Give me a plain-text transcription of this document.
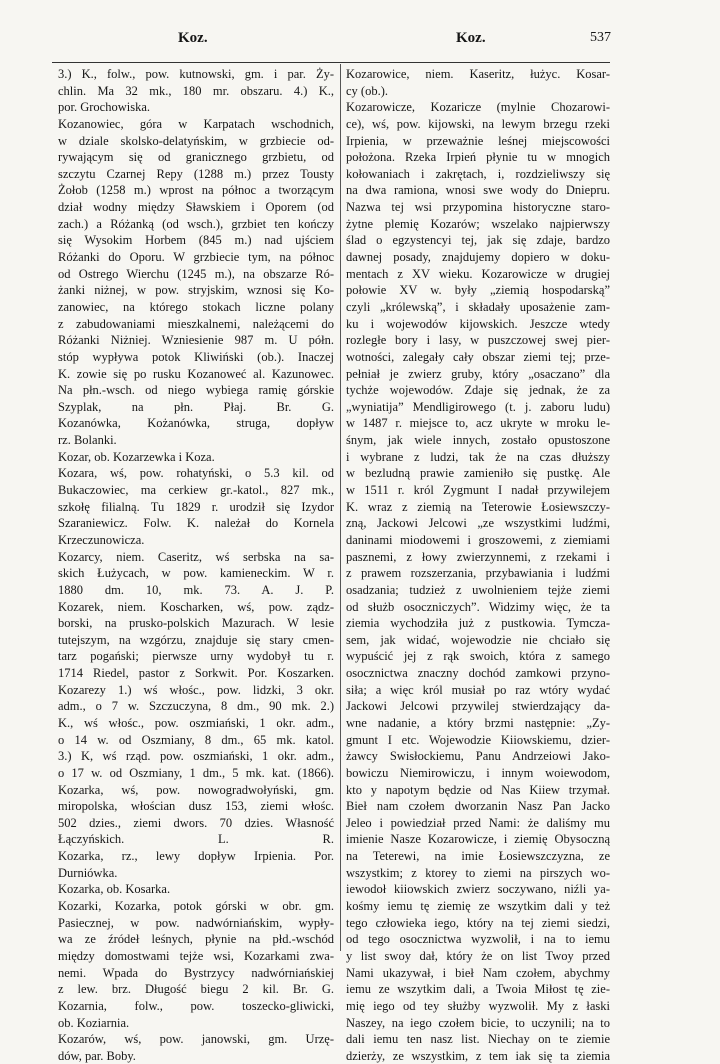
Koz.	Koz.	537
3.) K., folw., pow. kutnowski, gm. i par. Ży-
chlin. Ma 32 mk., 180 mr. obszaru. 4.) K.,
por. Grochowiska.
Kozanowiec, góra w Karpatach wschodnich,
w dziale skolsko-delatyńskim, w grzbiecie od-
rywającym się od granicznego grzbietu, od
szczytu Czarnej Repy (1288 m.) przez Tousty
Żołob (1258 m.) wprost na północ a tworzącym
dział wodny między Sławskiem i Oporem (od
zach.) a Różanką (od wsch.), grzbiet ten kończy
się Wysokim Horbem (845 m.) nad ujściem
Różanki do Oporu. W grzbiecie tym, na północ
od Ostrego Wierchu (1245 m.), na obszarze Ró-
żanki niżnej, w pow. stryjskim, wznosi się Ko-
zanowiec, na którego stokach liczne polany
z zabudowaniami mieszkalnemi, należącemi do
Różanki Niżniej. Wzniesienie 987 m. U półn.
stóp wypływa potok Kliwiński (ob.). Inaczej
K. zowie się po rusku Kozanoweć al. Kazunowec.
Na płn.-wsch. od niego wybiega ramię górskie
Szyplak, na płn. Płaj. Br. G.
Kozanówka, Kożanówka, struga, dopływ
rz. Bolanki.
Kozar, ob. Kozarzewka i Koza.
Kozara, wś, pow. rohatyński, o 5.3 kil. od
Bukaczowiec, ma cerkiew gr.-katol., 827 mk.,
szkołę filialną. Tu 1829 r. urodził się Izydor
Szaraniewicz. Folw. K. należał do Kornela
Krzeczunowicza.
Kozarcy, niem. Caseritz, wś serbska na sa-
skich Łużycach, w pow. kamieneckim. W r.
1880 dm. 10, mk. 73. A. J. P.
Kozarek, niem. Koscharken, wś, pow. ządz-
borski, na prusko-polskich Mazurach. W lesie
tutejszym, na wzgórzu, znajduje się stary cmen-
tarz pogański; pierwsze urny wydobył tu r.
1714 Riedel, pastor z Sorkwit. Por. Koszarken.
Kozarezy 1.) wś włośc., pow. lidzki, 3 okr.
adm., o 7 w. Szczuczyna, 8 dm., 90 mk. 2.)
K., wś włośc., pow. oszmiański, 1 okr. adm.,
o 14 w. od Oszmiany, 8 dm., 65 mk. katol.
3.) K, wś rząd. pow. oszmiański, 1 okr. adm.,
o 17 w. od Oszmiany, 1 dm., 5 mk. kat. (1866).
Kozarka, wś, pow. nowogradwołyński, gm.
miropolska, włościan dusz 153, ziemi włośc.
502 dzies., ziemi dwors. 70 dzies. Własność
Łączyńskich. L. R.
Kozarka, rz., lewy dopływ Irpienia. Por.
Durniówka.
Kozarka, ob. Kosarka.
Kozarki, Kozarka, potok górski w obr. gm.
Pasiecznej, w pow. nadwórniańskim, wypły-
wa ze źródeł leśnych, płynie na płd.-wschód
między domostwami tejże wsi, Kozarkami zwa-
nemi. Wpada do Bystrzycy nadwórniańskiej
z lew. brz. Długość biegu 2 kil. Br. G.
Kozarnia, folw., pow. toszecko-gliwicki,
ob. Koziarnia.
Kozarów, wś, pow. janowski, gm. Urzę-
dów, par. Boby.
Kozarowice, niem. Kaseritz, łużyc. Kosar-
cy (ob.).
Kozarowicze, Kozaricze (mylnie Chozarowi-
ce), wś, pow. kijowski, na lewym brzegu rzeki
Irpienia, w przeważnie leśnej miejscowości
położona. Rzeka Irpień płynie tu w mnogich
kołowaniach i zakrętach, i, rozdzieliwszy się
na dwa ramiona, wnosi swe wody do Dniepru.
Nazwa tej wsi przypomina historyczne staro-
żytne plemię Kozarów; wszelako najpierwszy
ślad o egzystencyi tej, jak się zdaje, bardzo
dawnej posady, znajdujemy dopiero w doku-
mentach z XV wieku. Kozarowicze w drugiej
połowie XV w. były „ziemią hospodarską”
czyli „królewską”, i składały uposażenie zam-
ku i wojewodów kijowskich. Jeszcze wtedy
rozległe bory i lasy, w puszczowej swej pier-
wotności, zalegały cały obszar ziemi tej; prze-
pełniał je zwierz gruby, który „osaczano” dla
tychże wojewodów. Zdaje się jednak, że za
„wyniatija” Mendligirowego (t. j. zaboru ludu)
w 1487 r. miejsce to, acz ukryte w mroku le-
śnym, jak wiele innych, zostało opustoszone
i wybrane z ludzi, tak że na czas dłuższy
w bezludną prawie zamieniło się pustkę. Ale
w 1511 r. król Zygmunt I nadał przywilejem
K. wraz z ziemią na Teterowie Łosiewszczy-
zną, Jackowi Jelcowi „ze wszystkimi ludźmi,
daninami miodowemi i groszowemi, z ziemiami
pasznemi, z łowy zwierzynnemi, z rzekami i
z prawem rozszerzania, przybawiania i ludźmi
osadzania; tudzież z uwolnieniem tejże ziemi
od służb osoczniczych”. Widzimy więc, że ta
ziemia wychodziła już z pustkowia. Tymcza-
sem, jak widać, wojewodzie nie chciało się
wypuścić jej z rąk swoich, która z samego
osocznictwa znaczny dochód zamkowi przyno-
siła; a więc król musiał po raz wtóry wydać
Jackowi Jelcowi przywilej stwierdzający da-
wne nadanie, a który brzmi następnie: „Zy-
gmunt I etc. Wojewodzie Kiiowskiemu, dzier-
żawcy Swisłockiemu, Panu Andrzeiowi Jako-
bowiczu Niemirowiczu, i innym woiewodom,
kto y napotym będzie od Nas Kiiew trzymał.
Bieł nam czołem dworzanin Nasz Pan Jacko
Jeleo i powiedział przed Nami: że daliśmy mu
imienie Nasze Kozarowicze, i ziemię Obysoczną
na Teterewi, na imie Łosiewszczyzna, ze
wszystkim; z ktorey to ziemi na pirszych wo-
iewodoł kiiowskich zwierz soczywano, niźli ya-
kośmy iemu tę ziemię ze wszytkim dali y też
tego człowieka iego, który na tej ziemi siedzi,
od tego osocznictwa wyzwolił, i na to iemu
y list swoy dał, który że on list Twoy przed
Nami ukazywał, i bieł Nam czołem, abychmy
iemu ze wszytkim dali, a Twoia Miłost tę zie-
mię iego od tey służby wyzwolił. My z łaski
Naszey, na iego czołem bicie, to uczynili; na to
dali iemu ten nasz list. Niechay on te ziemie
dzierży, ze wszystkim, z tem iak się ta ziemia
